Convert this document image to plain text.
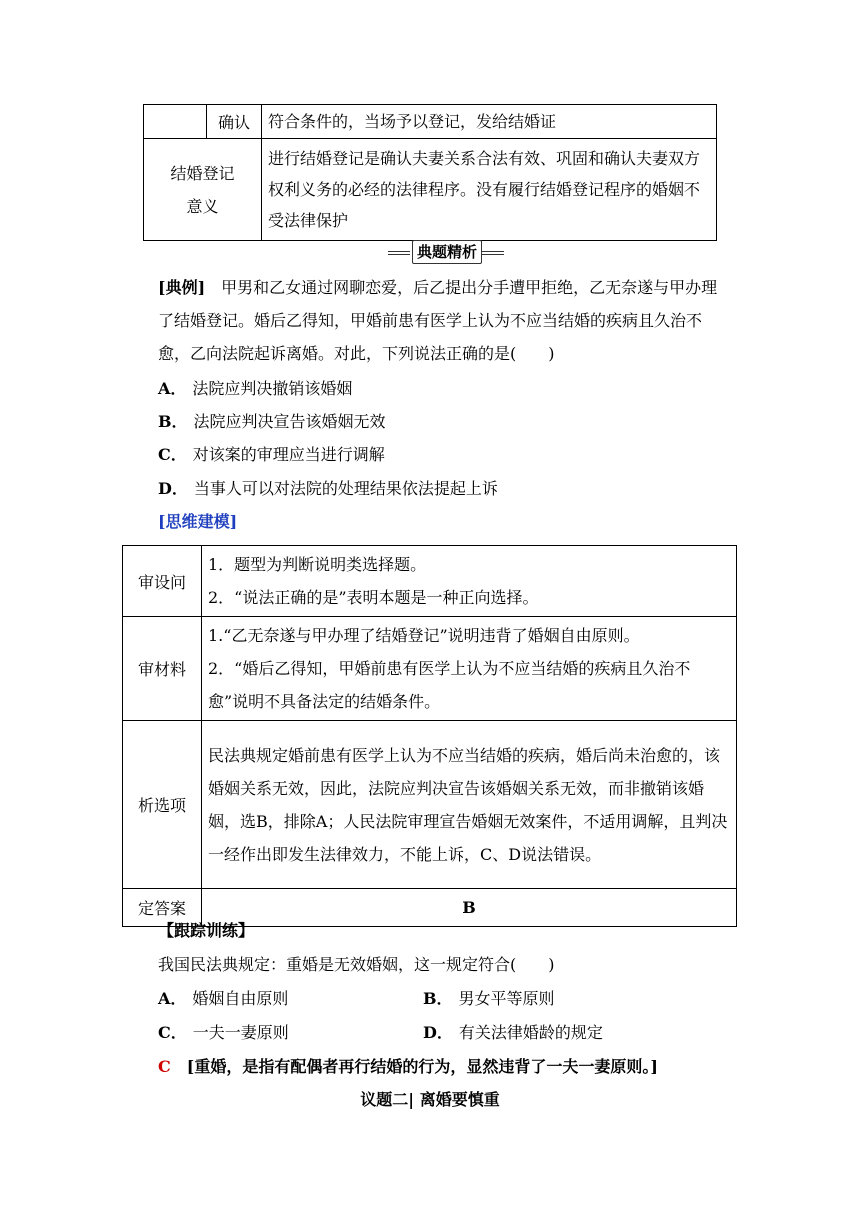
	确认	符合条件的，当场予以登记，发给结婚证

结婚登记
意义		进行结婚登记是确认夫妻关系合法有效、巩固和确认夫妻双方权利义务的必经的法律程序。没有履行结婚登记程序的婚姻不受法律保护
典题精析
[典例]　 甲男和乙女通过网聊恋爱，后乙提出分手遭甲拒绝，乙无奈遂与甲办理了结婚登记。婚后乙得知，甲婚前患有医学上认为不应当结婚的疾病且久治不愈，乙向法院起诉离婚。对此，下列说法正确的是(　　)
A． 法院应判决撤销该婚姻
B． 法院应判决宣告该婚姻无效
C． 对该案的审理应当进行调解
D． 当事人可以对法院的处理结果依法提起上诉
[思维建模]
审设问	1．题型为判断说明类选择题。
2．“说法正确的是”表明本题是一种正向选择。

审材料	1.“乙无奈遂与甲办理了结婚登记”说明违背了婚姻自由原则。
2．“婚后乙得知，甲婚前患有医学上认为不应当结婚的疾病且久治不愈”说明不具备法定的结婚条件。

析选项	民法典规定婚前患有医学上认为不应当结婚的疾病，婚后尚未治愈的，该婚姻关系无效，因此，法院应判决宣告该婚姻关系无效，而非撤销该婚姻，选B，排除A；人民法院审理宣告婚姻无效案件，不适用调解，且判决一经作出即发生法律效力，不能上诉，C、D说法错误。
定答案	B
【跟踪训练】
我国民法典规定：重婚是无效婚姻，这一规定符合(　　)
A． 婚姻自由原则	B． 男女平等原则
C． 一夫一妻原则	D． 有关法律婚龄的规定
C　 [重婚，是指有配偶者再行结婚的行为，显然违背了一夫一妻原则。]
议题二| 离婚要慎重
